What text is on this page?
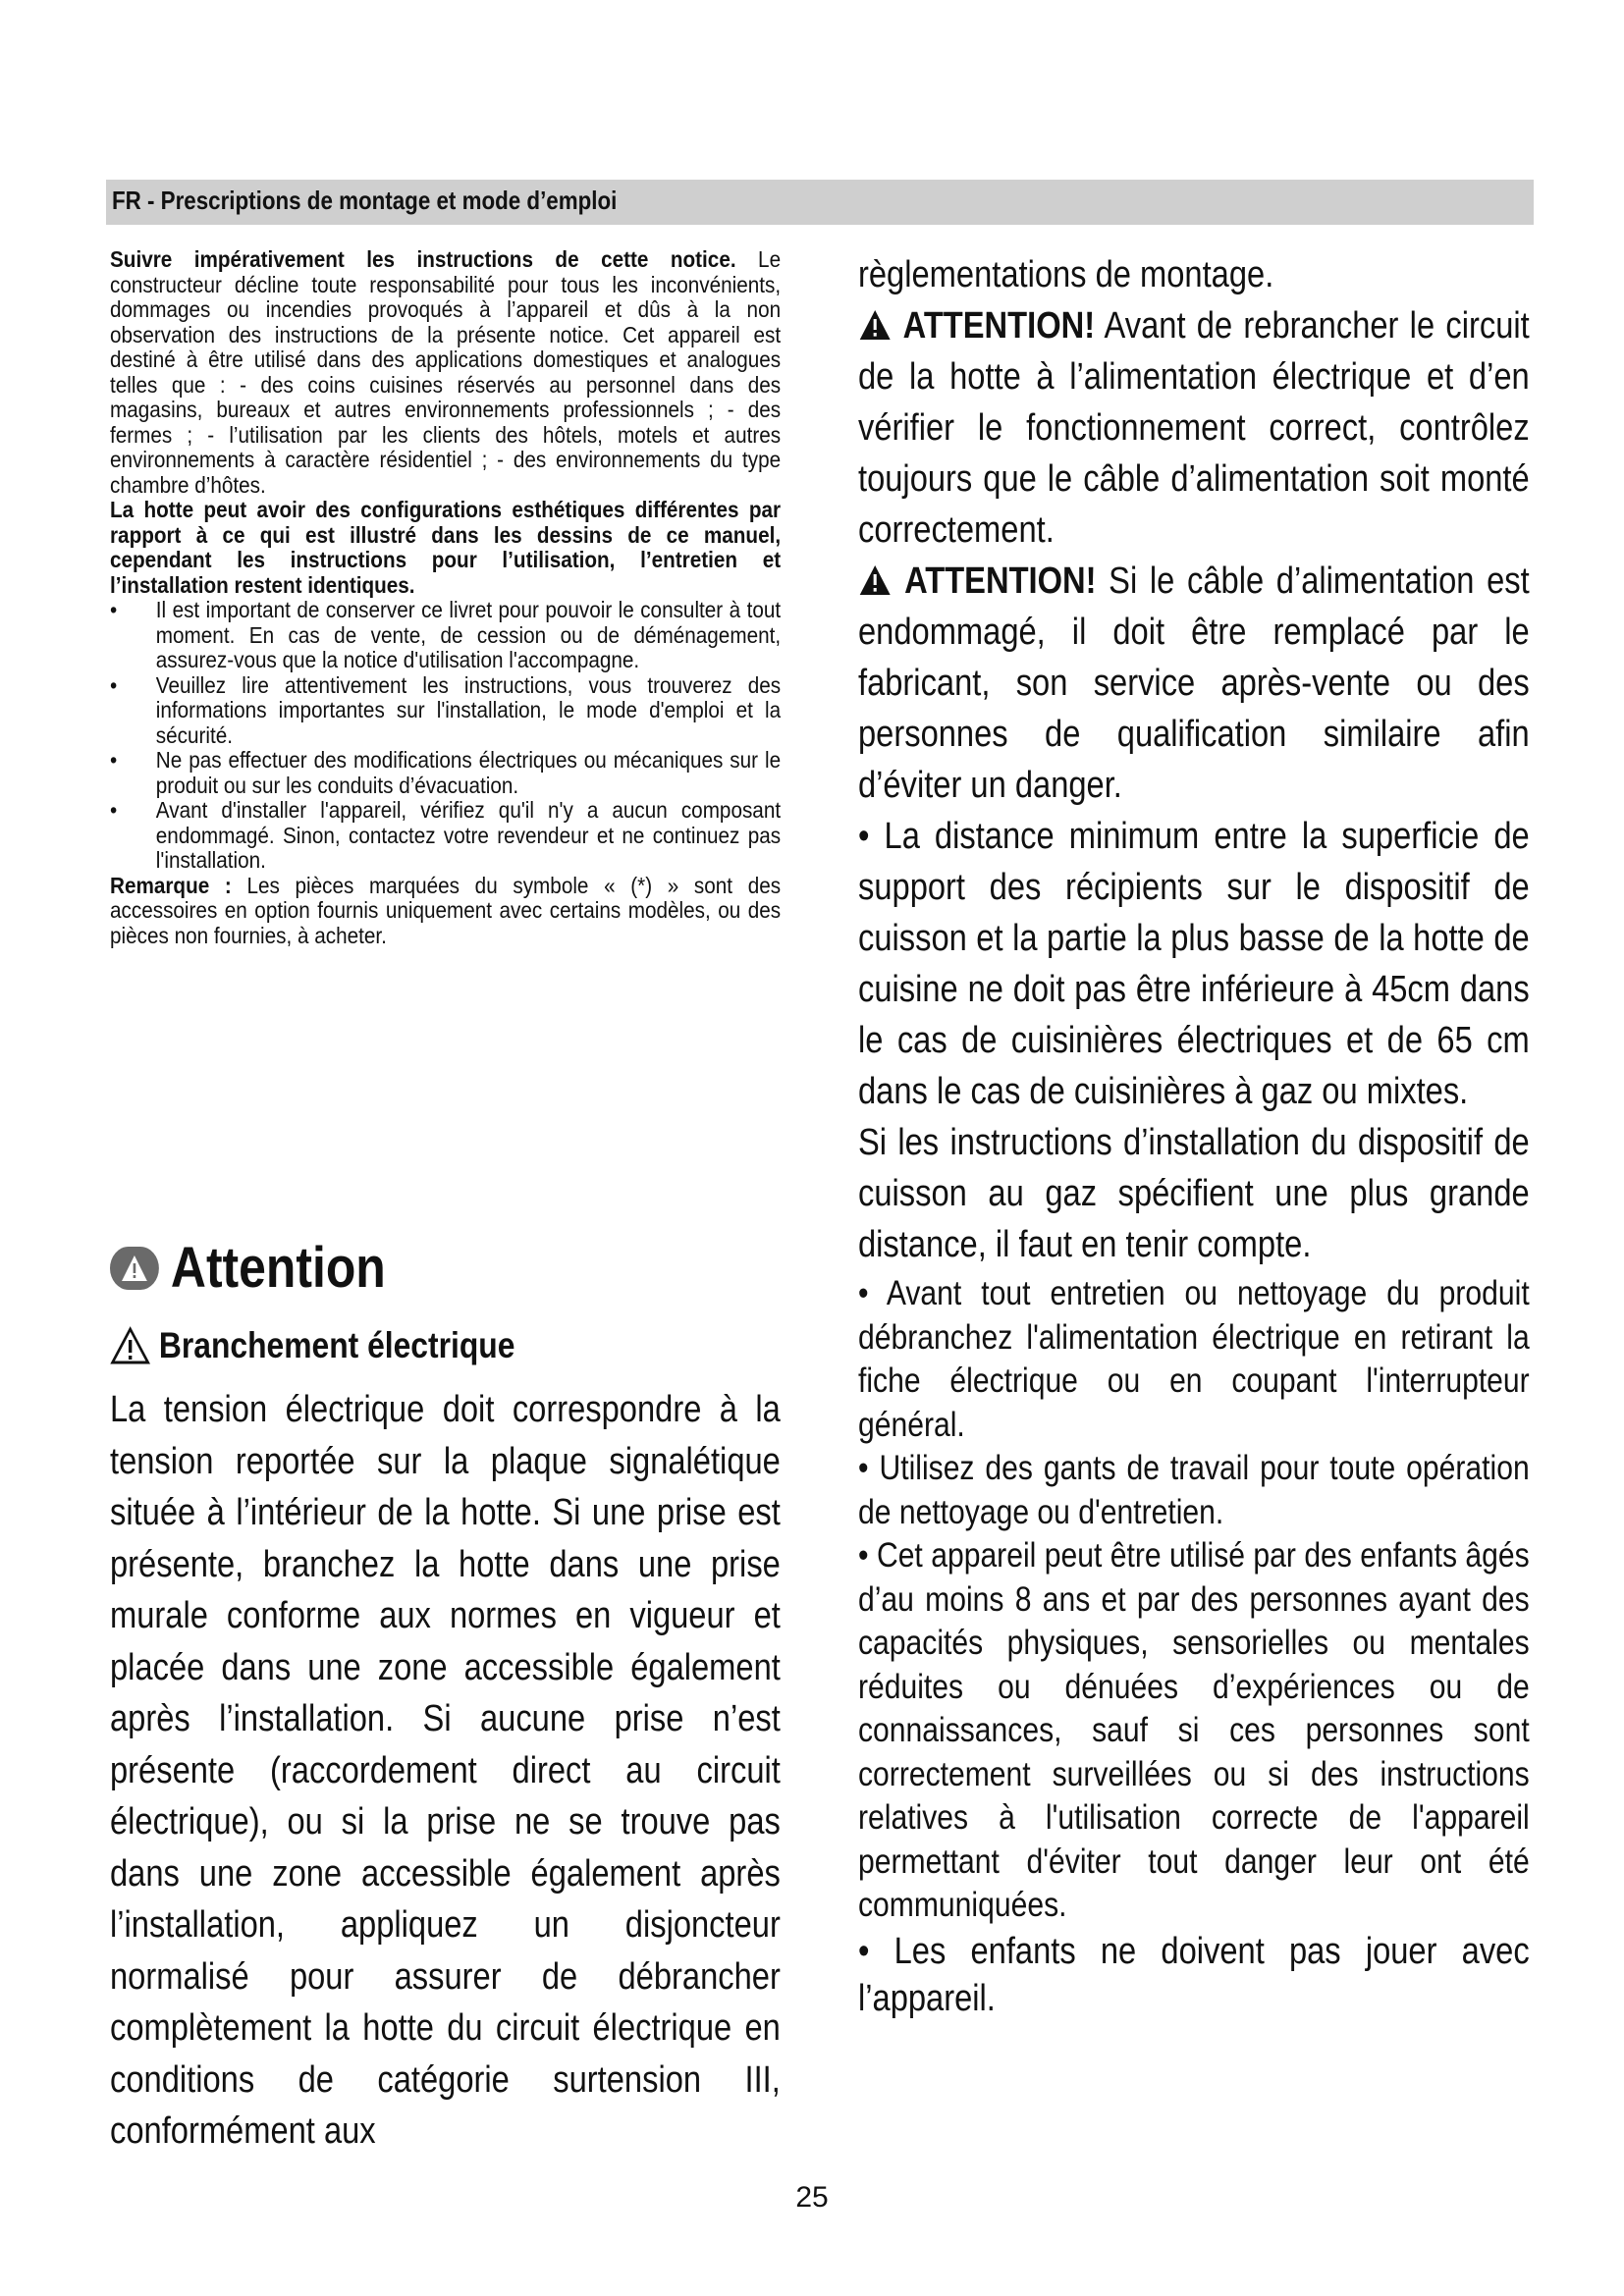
FR - Prescriptions de montage et mode d’emploi

Suivre impérativement les instructions de cette notice. Le constructeur décline toute responsabilité pour tous les inconvénients, dommages ou incendies provoqués à l’appareil et dûs à la non observation des instructions de la présente notice. Cet appareil est destiné à être utilisé dans des applications domestiques et analogues telles que : - des coins cuisines réservés au personnel dans des magasins, bureaux et autres environnements professionnels ; - des fermes ; - l’utilisation par les clients des hôtels, motels et autres environnements à caractère résidentiel ; - des environnements du type chambre d’hôtes.

La hotte peut avoir des configurations esthétiques différentes par rapport à ce qui est illustré dans les dessins de ce manuel, cependant les instructions pour l’utilisation, l’entretien et l’installation restent identiques.

• Il est important de conserver ce livret pour pouvoir le consulter à tout moment. En cas de vente, de cession ou de déménagement, assurez-vous que la notice d'utilisation l'accompagne.
• Veuillez lire attentivement les instructions, vous trouverez des informations importantes sur l'installation, le mode d'emploi et la sécurité.
• Ne pas effectuer des modifications électriques ou mécaniques sur le produit ou sur les conduits d’évacuation.
• Avant d'installer l'appareil, vérifiez qu'il n'y a aucun composant endommagé. Sinon, contactez votre revendeur et ne continuez pas l'installation.

Remarque : Les pièces marquées du symbole « (*) » sont des accessoires en option fournis uniquement avec certains modèles, ou des pièces non fournies, à acheter.

Attention
Branchement électrique

La tension électrique doit correspondre à la tension reportée sur la plaque signalétique située à l’intérieur de la hotte. Si une prise est présente, branchez la hotte dans une prise murale conforme aux normes en vigueur et placée dans une zone accessible également après l’installation. Si aucune prise n’est présente (raccordement direct au circuit électrique), ou si la prise ne se trouve pas dans une zone accessible également après l’installation, appliquez un disjoncteur normalisé pour assurer de débrancher complètement la hotte du circuit électrique en conditions de catégorie surtension III, conformément aux

règlementations de montage.

ATTENTION! Avant de rebrancher le circuit de la hotte à l’alimentation électrique et d’en vérifier le fonctionnement correct, contrôlez toujours que le câble d’alimentation soit monté correctement.

ATTENTION! Si le câble d’alimentation est endommagé, il doit être remplacé par le fabricant, son service après-vente ou des personnes de qualification similaire afin d’éviter un danger.

• La distance minimum entre la superficie de support des récipients sur le dispositif de cuisson et la partie la plus basse de la hotte de cuisine ne doit pas être inférieure à 45cm dans le cas de cuisinières électriques et de 65 cm dans le cas de cuisinières à gaz ou mixtes.

Si les instructions d’installation du dispositif de cuisson au gaz spécifient une plus grande distance, il faut en tenir compte.

• Avant tout entretien ou nettoyage du produit débranchez l'alimentation électrique en retirant la fiche électrique ou en coupant l'interrupteur général.

• Utilisez des gants de travail pour toute opération de nettoyage ou d'entretien.

• Cet appareil peut être utilisé par des enfants âgés d’au moins 8 ans et par des personnes ayant des capacités physiques, sensorielles ou mentales réduites ou dénuées d’expériences ou de connaissances, sauf si ces personnes sont correctement surveillées ou si des instructions relatives à l'utilisation correcte de l'appareil permettant d'éviter tout danger leur ont été communiquées.

• Les enfants ne doivent pas jouer avec l’appareil.

25
